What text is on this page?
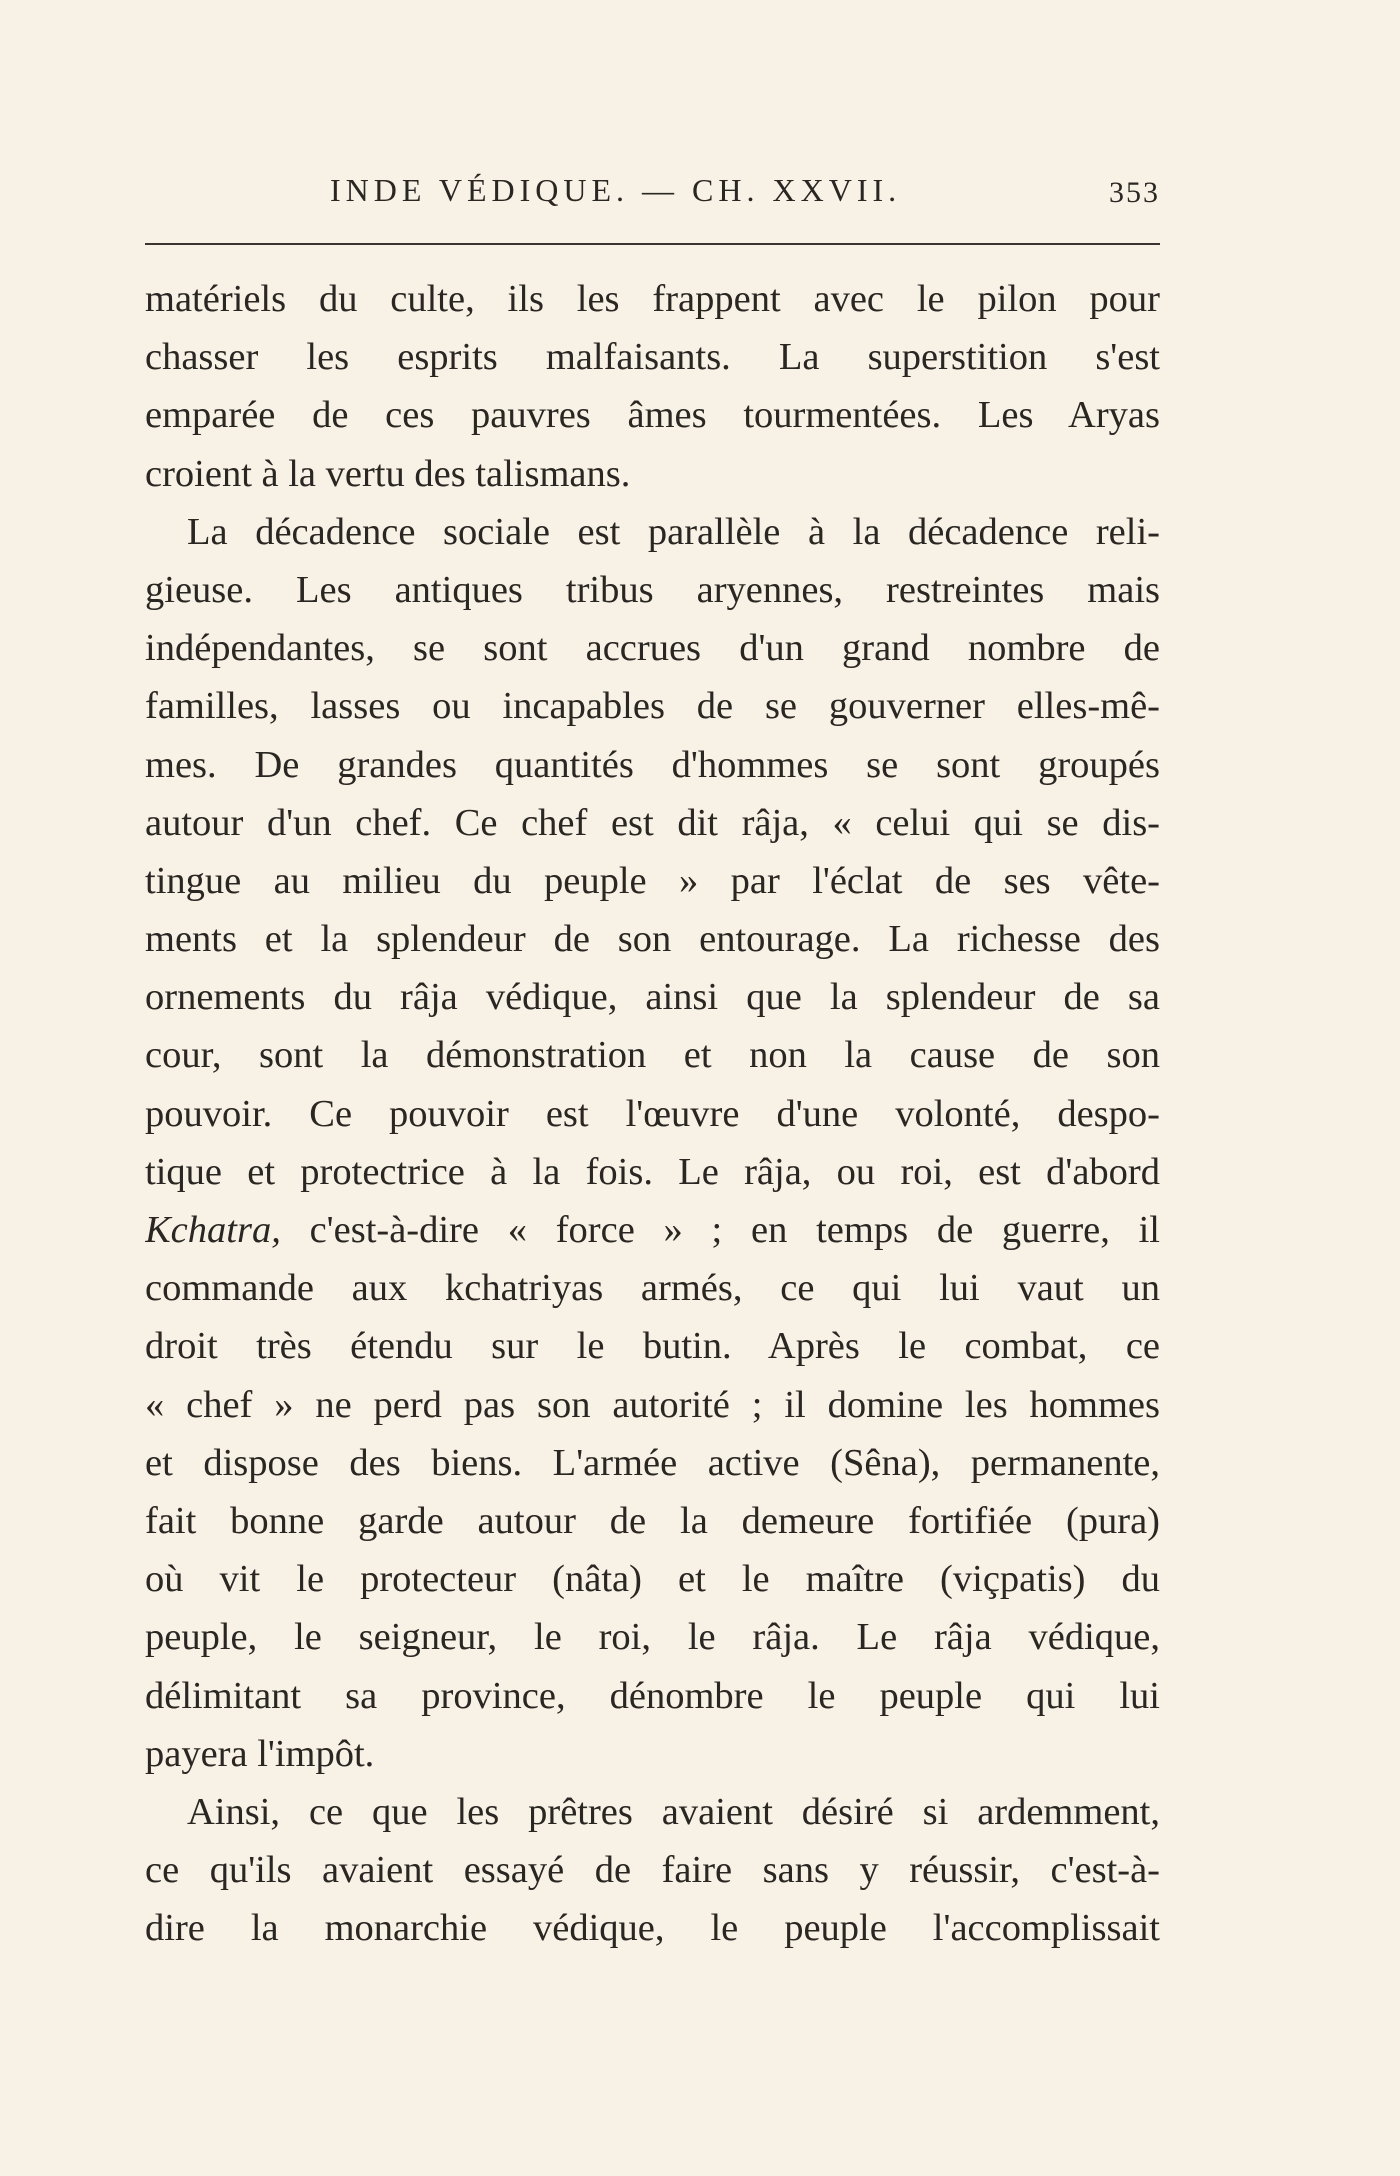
INDE VÉDIQUE. — CH. XXVII.	353
matériels du culte, ils les frappent avec le pilon pour
chasser les esprits malfaisants. La superstition s'est
emparée de ces pauvres âmes tourmentées. Les Aryas
croient à la vertu des talismans.
La décadence sociale est parallèle à la décadence reli-
gieuse. Les antiques tribus aryennes, restreintes mais
indépendantes, se sont accrues d'un grand nombre de
familles, lasses ou incapables de se gouverner elles-mê-
mes. De grandes quantités d'hommes se sont groupés
autour d'un chef. Ce chef est dit râja, « celui qui se dis-
tingue au milieu du peuple » par l'éclat de ses vête-
ments et la splendeur de son entourage. La richesse des
ornements du râja védique, ainsi que la splendeur de sa
cour, sont la démonstration et non la cause de son
pouvoir. Ce pouvoir est l'œuvre d'une volonté, despo-
tique et protectrice à la fois. Le râja, ou roi, est d'abord
Kchatra, c'est-à-dire « force » ; en temps de guerre, il
commande aux kchatriyas armés, ce qui lui vaut un
droit très étendu sur le butin. Après le combat, ce
« chef » ne perd pas son autorité ; il domine les hommes
et dispose des biens. L'armée active (Sêna), permanente,
fait bonne garde autour de la demeure fortifiée (pura)
où vit le protecteur (nâta) et le maître (viçpatis) du
peuple, le seigneur, le roi, le râja. Le râja védique,
délimitant sa province, dénombre le peuple qui lui
payera l'impôt.
Ainsi, ce que les prêtres avaient désiré si ardemment,
ce qu'ils avaient essayé de faire sans y réussir, c'est-à-
dire la monarchie védique, le peuple l'accomplissait
